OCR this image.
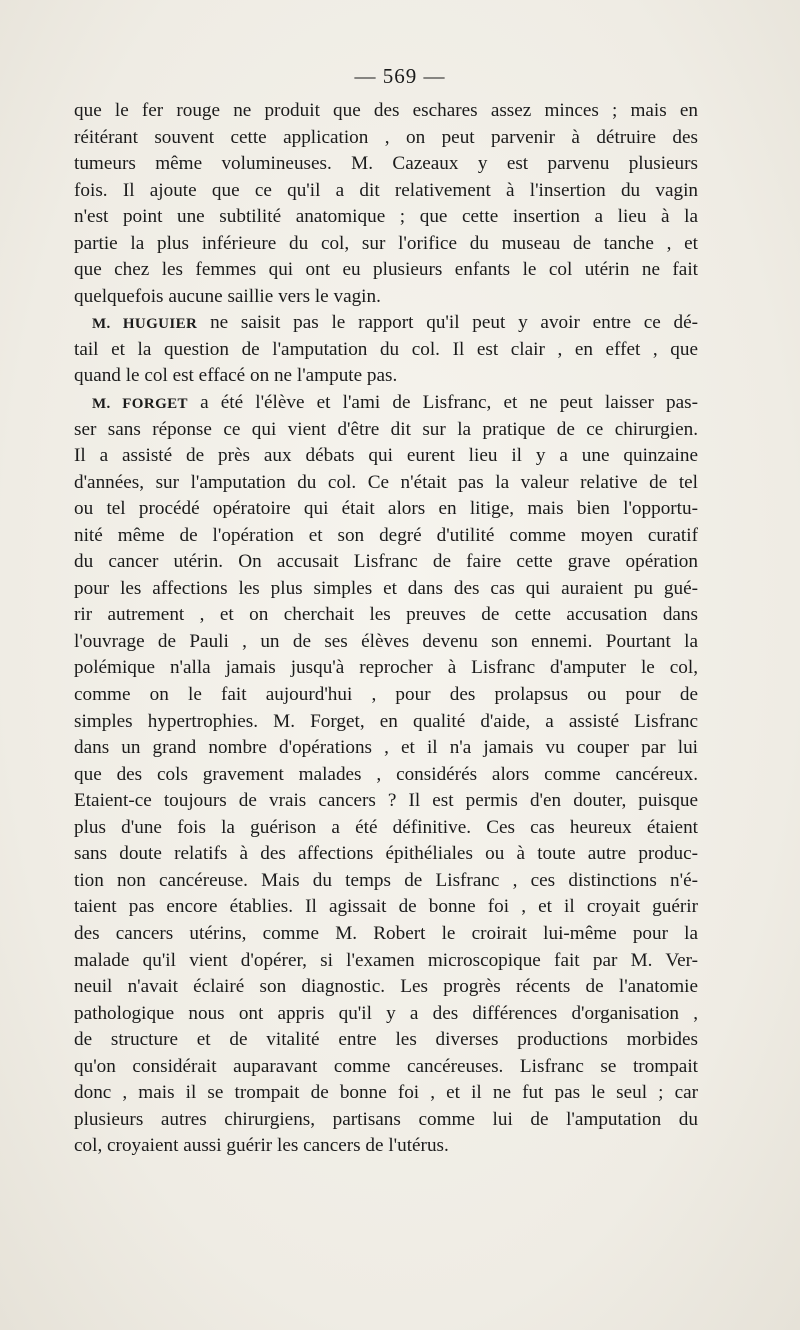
— 569 —
que le fer rouge ne produit que des eschares assez minces ; mais en
réitérant souvent cette application , on peut parvenir à détruire des
tumeurs même volumineuses. M. Cazeaux y est parvenu plusieurs
fois. Il ajoute que ce qu'il a dit relativement à l'insertion du vagin
n'est point une subtilité anatomique ; que cette insertion a lieu à la
partie la plus inférieure du col, sur l'orifice du museau de tanche , et
que chez les femmes qui ont eu plusieurs enfants le col utérin ne fait
quelquefois aucune saillie vers le vagin.
M. HUGUIER ne saisit pas le rapport qu'il peut y avoir entre ce dé-
tail et la question de l'amputation du col. Il est clair , en effet , que
quand le col est effacé on ne l'ampute pas.
M. FORGET a été l'élève et l'ami de Lisfranc, et ne peut laisser pas-
ser sans réponse ce qui vient d'être dit sur la pratique de ce chirurgien.
Il a assisté de près aux débats qui eurent lieu il y a une quinzaine
d'années, sur l'amputation du col. Ce n'était pas la valeur relative de tel
ou tel procédé opératoire qui était alors en litige, mais bien l'opportu-
nité même de l'opération et son degré d'utilité comme moyen curatif
du cancer utérin. On accusait Lisfranc de faire cette grave opération
pour les affections les plus simples et dans des cas qui auraient pu gué-
rir autrement , et on cherchait les preuves de cette accusation dans
l'ouvrage de Pauli , un de ses élèves devenu son ennemi. Pourtant la
polémique n'alla jamais jusqu'à reprocher à Lisfranc d'amputer le col,
comme on le fait aujourd'hui , pour des prolapsus ou pour de
simples hypertrophies. M. Forget, en qualité d'aide, a assisté Lisfranc
dans un grand nombre d'opérations , et il n'a jamais vu couper par lui
que des cols gravement malades , considérés alors comme cancéreux.
Etaient-ce toujours de vrais cancers ? Il est permis d'en douter, puisque
plus d'une fois la guérison a été définitive. Ces cas heureux étaient
sans doute relatifs à des affections épithéliales ou à toute autre produc-
tion non cancéreuse. Mais du temps de Lisfranc , ces distinctions n'é-
taient pas encore établies. Il agissait de bonne foi , et il croyait guérir
des cancers utérins, comme M. Robert le croirait lui-même pour la
malade qu'il vient d'opérer, si l'examen microscopique fait par M. Ver-
neuil n'avait éclairé son diagnostic. Les progrès récents de l'anatomie
pathologique nous ont appris qu'il y a des différences d'organisation ,
de structure et de vitalité entre les diverses productions morbides
qu'on considérait auparavant comme cancéreuses. Lisfranc se trompait
donc , mais il se trompait de bonne foi , et il ne fut pas le seul ; car
plusieurs autres chirurgiens, partisans comme lui de l'amputation du
col, croyaient aussi guérir les cancers de l'utérus.
